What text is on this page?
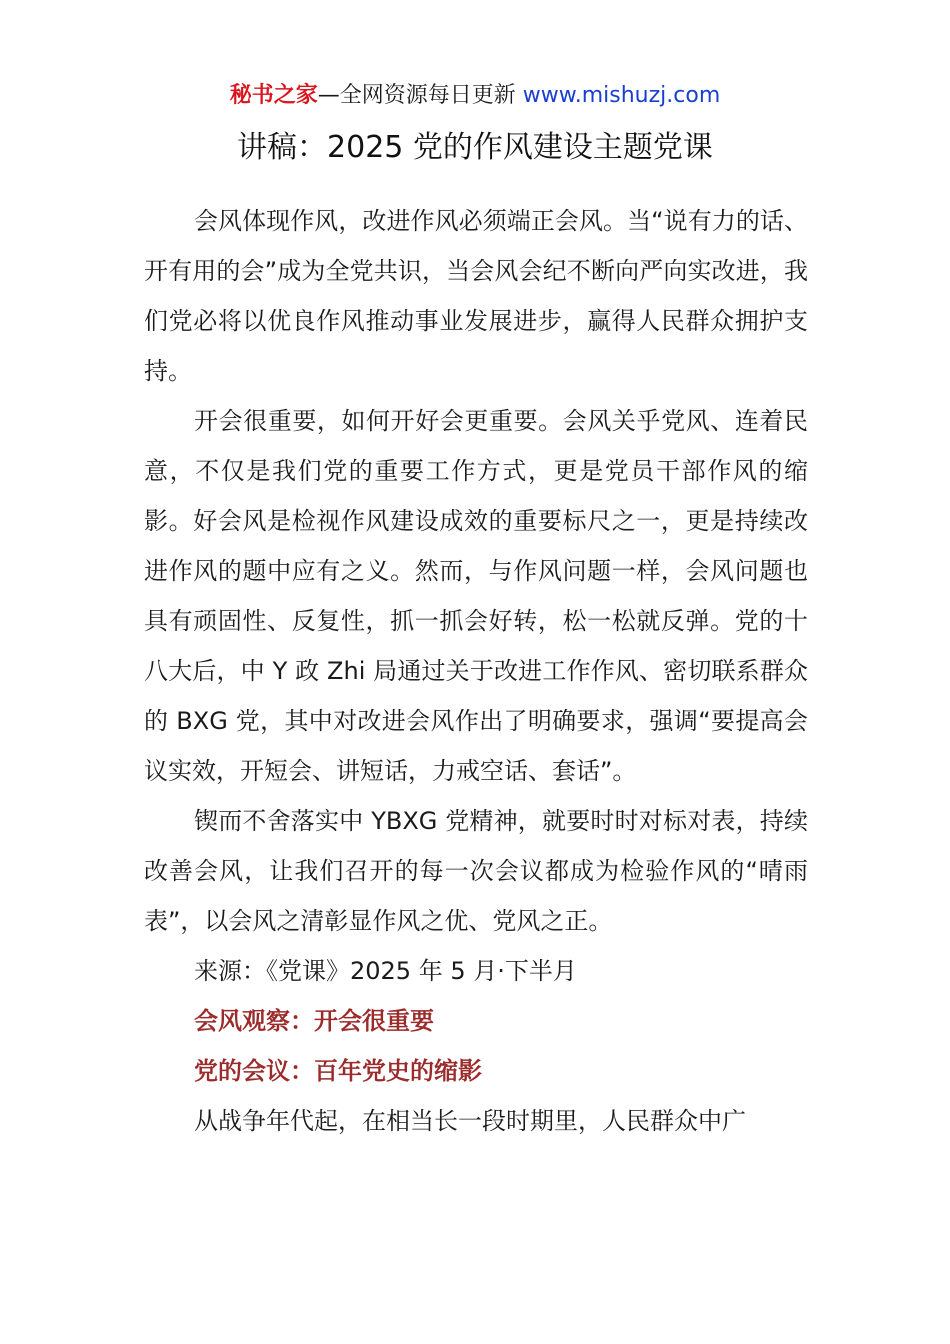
秘书之家—全网资源每日更新 www.mishuzj.com
讲稿：2025 党的作风建设主题党课

会风体现作风，改进作风必须端正会风。当“说有力的话、开有用的会”成为全党共识，当会风会纪不断向严向实改进，我们党必将以优良作风推动事业发展进步，赢得人民群众拥护支持。

开会很重要，如何开好会更重要。会风关乎党风、连着民意，不仅是我们党的重要工作方式，更是党员干部作风的缩影。好会风是检视作风建设成效的重要标尺之一，更是持续改进作风的题中应有之义。然而，与作风问题一样，会风问题也具有顽固性、反复性，抓一抓会好转，松一松就反弹。党的十八大后，中 Y 政 Zhi 局通过关于改进工作作风、密切联系群众的 BXG 党，其中对改进会风作出了明确要求，强调“要提高会议实效，开短会、讲短话，力戒空话、套话”。

锲而不舍落实中 YBXG 党精神，就要时时对标对表，持续改善会风，让我们召开的每一次会议都成为检验作风的“晴雨表”，以会风之清彰显作风之优、党风之正。

来源：《党课》2025 年 5 月·下半月

会风观察：开会很重要

党的会议：百年党史的缩影

从战争年代起，在相当长一段时期里，人民群众中广
